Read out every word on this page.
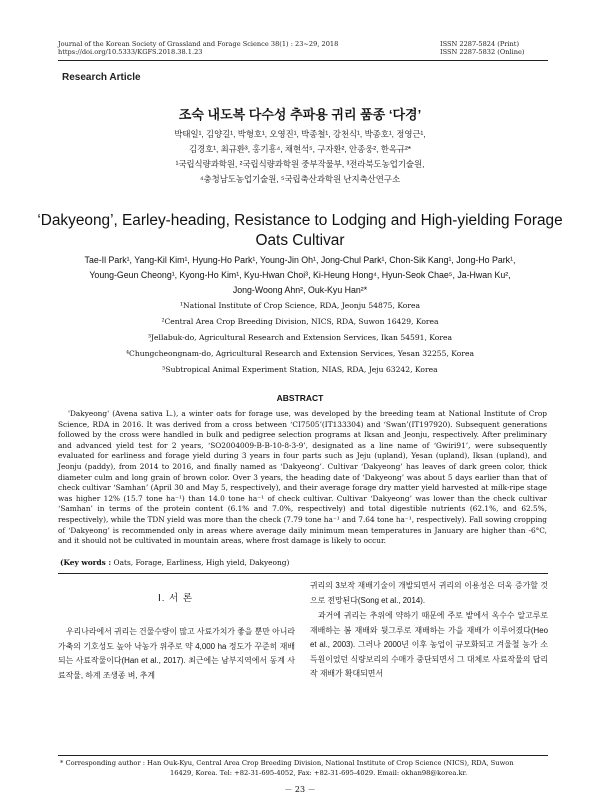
Journal of the Korean Society of Grassland and Forage Science 38(1) : 23~29, 2018
https://doi.org/10.5333/KGFS.2018.38.1.23
ISSN 2287-5824 (Print)
ISSN 2287-5832 (Online)
Research Article
조숙 내도복 다수성 추파용 귀리 품종 ‘다경’
박태일¹, 김양길¹, 박형호¹, 오영진¹, 박종철¹, 강천식¹, 박종호¹, 정영근¹,
김경호¹, 최규환³, 홍기흥⁴, 채현석⁵, 구자환², 안종웅², 한옥규²*
¹국립식량과학원, ²국립식량과학원 중부작물부, ³전라북도농업기술원,
⁴충청남도농업기술원, ⁵국립축산과학원 난지축산연구소
‘Dakyeong’, Earley-heading, Resistance to Lodging and High-yielding Forage
Oats Cultivar
Tae-Il Park¹, Yang-Kil Kim¹, Hyung-Ho Park¹, Young-Jin Oh¹, Jong-Chul Park¹, Chon-Sik Kang¹, Jong-Ho Park¹,
Young-Geun Cheong¹, Kyong-Ho Kim¹, Kyu-Hwan Choi³, Ki-Heung Hong⁴, Hyun-Seok Chae⁵, Ja-Hwan Ku²,
Jong-Woong Ahn², Ouk-Kyu Han²*
¹National Institute of Crop Science, RDA, Jeonju 54875, Korea
²Central Area Crop Breeding Division, NICS, RDA, Suwon 16429, Korea
³Jellabuk-do, Agricultural Research and Extension Services, Ikan 54591, Korea
⁴Chungcheongnam-do, Agricultural Research and Extension Services, Yesan 32255, Korea
⁵Subtropical Animal Experiment Station, NIAS, RDA, Jeju 63242, Korea
ABSTRACT
'Dakyeong' (Avena sativa L.), a winter oats for forage use, was developed by the breeding team at National Institute of Crop Science, RDA in 2016. It was derived from a cross between ‘CI7505’(IT133304) and ‘Swan’(IT197920). Subsequent generations followed by the cross were handled in bulk and pedigree selection programs at Iksan and Jeonju, respectively. After preliminary and advanced yield test for 2 years, ‘SO2004009-B-B-10-8-3-9’, designated as a line name of ‘Gwiri91’, were subsequently evaluated for earliness and forage yield during 3 years in four parts such as Jeju (upland), Yesan (upland), Iksan (upland), and Jeonju (paddy), from 2014 to 2016, and finally named as ‘Dakyeong’. Cultivar ‘Dakyeong’ has leaves of dark green color, thick diameter culm and long grain of brown color. Over 3 years, the heading date of ‘Dakyeong’ was about 5 days earlier than that of check cultivar ‘Samhan’ (April 30 and May 5, respectively), and their average forage dry matter yield harvested at milk-ripe stage was higher 12% (15.7 tone ha⁻¹) than 14.0 tone ha⁻¹ of check cultivar. Cultivar ‘Dakyeong’ was lower than the check cultivar ‘Samhan’ in terms of the protein content (6.1% and 7.0%, respectively) and total digestible nutrients (62.1%, and 62.5%, respectively), while the TDN yield was more than the check (7.79 tone ha⁻¹ and 7.64 tone ha⁻¹, respectively). Fall sowing cropping of ‘Dakyeong’ is recommended only in areas where average daily minimum mean temperatures in January are higher than -6°C, and it should not be cultivated in mountain areas, where frost damage is likely to occur.
(Key words : Oats, Forage, Earliness, High yield, Dakyeong)
Ⅰ. 서 론
우리나라에서 귀리는 건물수량이 많고 사료가치가 좋을 뿐만 아니라 가축의 기호성도 높아 낙농가 위주로 약 4,000 ha 정도가 꾸준히 재배되는 사료작물이다(Han et al., 2017). 최근에는 남부지역에서 동계 사료작물, 하계 조생종 벼, 추계
귀리의 3보작 재배기술이 개발되면서 귀리의 이용성은 더욱 증가할 것으로 전망된다(Song et al., 2014).
과거에 귀리는 추위에 약하기 때문에 주로 밭에서 옥수수 알고루로 재배하는 봄 재배와 뒷그루로 재배하는 가을 재배가 이루어졌다(Heo et al., 2003). 그러나 2000년 이후 농업이 규모화되고 겨울철 농가 소득원이었던 식량보리의 수매가 중단되면서 그 대체로 사료작물의 답리작 재배가 확대되면서
* Corresponding author : Han Ouk-Kyu, Central Area Crop Breeding Division, National Institute of Crop Science (NICS), RDA, Suwon
16429, Korea. Tel: +82-31-695-4052, Fax: +82-31-695-4029. Email: okhan98@korea.kr.
－ 23 －
